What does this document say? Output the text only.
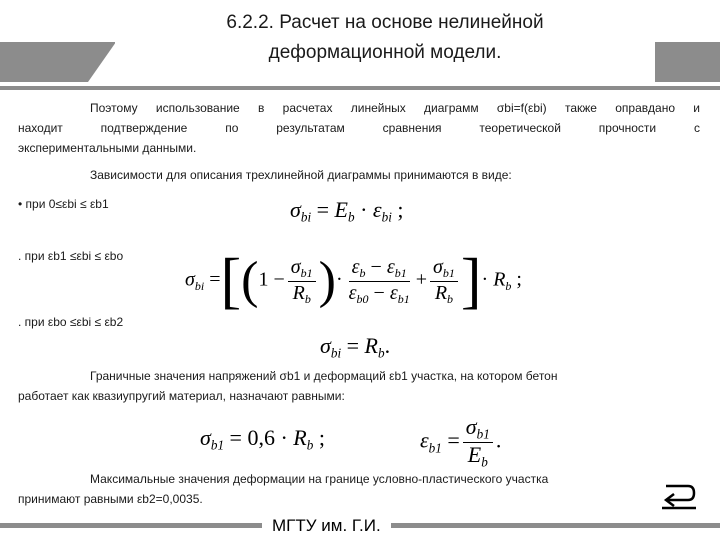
6.2.2. Расчет на основе нелинейной
деформационной модели.
Поэтому использование в расчетах линейных диаграмм σbi=f(εbi) также оправдано и
находит подтверждение по результатам сравнения теоретической прочности с
экспериментальными данными.
Зависимости для описания трехлинейной диаграммы принимаются в виде:
• при 0≤εbi ≤ εb1	$\sigma_{bi} = E_b \cdot \varepsilon_{bi}$ ;
. при εb1 ≤εbi ≤ εbo
$\sigma_{bi} =[(1 - \frac{\sigma_{b1}}{R_b}$ )· $\frac{\varepsilon_b - \varepsilon_{b1}}{\varepsilon_{b0} - \varepsilon_{b1}} + \frac{\sigma_{b1}}{R_b}$ ]· $R_b$ ;
. при εbo ≤εbi ≤ εb2
$\sigma_{bi} = R_b$.
Граничные значения напряжений σb1 и деформаций εb1 участка, на котором бетон
работает как квазиупругий материал, назначают равными:
$\sigma_{b1} = 0,6 \cdot R_b$ ;	$\varepsilon_{b1} = \frac{\sigma_{b1}}{E_b}$ .
Максимальные значения деформации на границе условно-пластического участка
принимают равными εb2=0,0035.
МГТУ им. Г.И.
